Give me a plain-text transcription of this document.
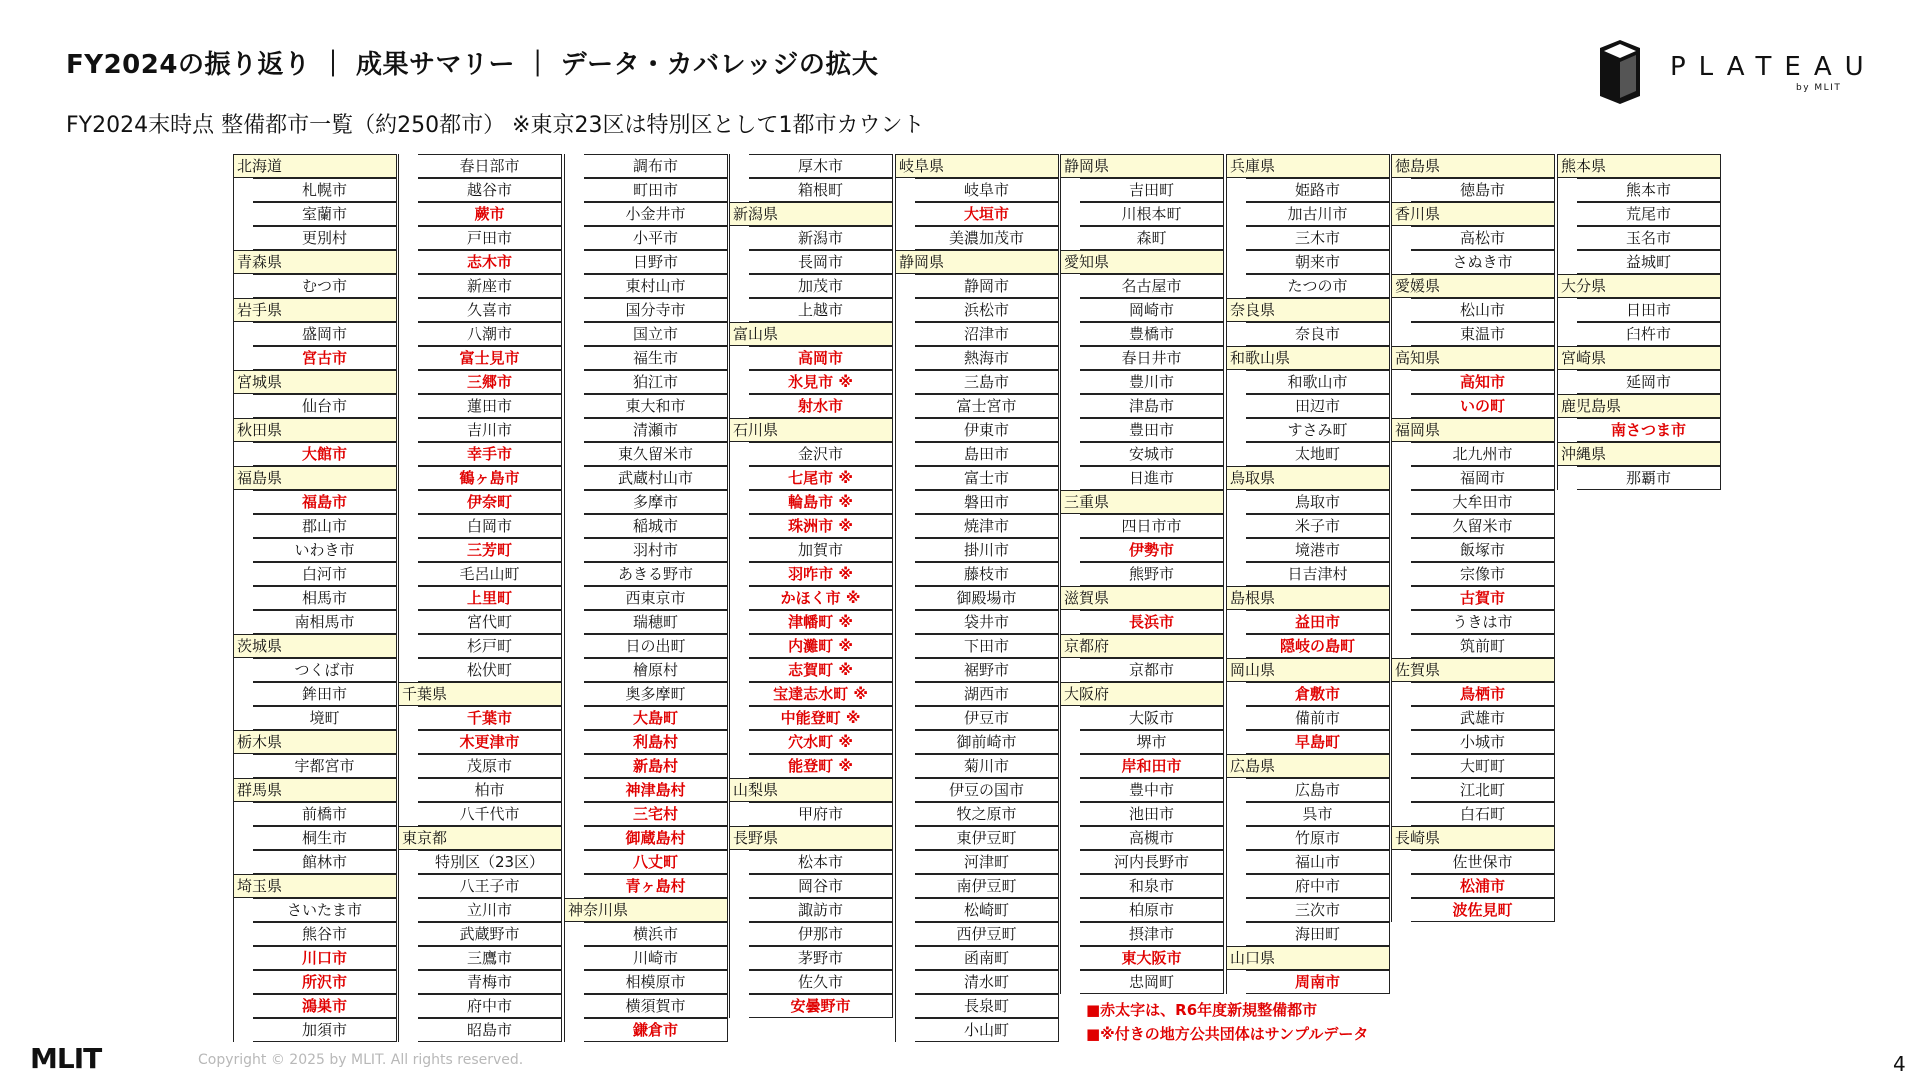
FY2024の振り返り ｜ 成果サマリー ｜ データ・カバレッジの拡大
FY2024末時点 整備都市一覧（約250都市） ※東京23区は特別区として1都市カウント
PLATEAU
by MLIT
北海道
札幌市
室蘭市
更別村
青森県
むつ市
岩手県
盛岡市
宮古市
宮城県
仙台市
秋田県
大館市
福島県
福島市
郡山市
いわき市
白河市
相馬市
南相馬市
茨城県
つくば市
鉾田市
境町
栃木県
宇都宮市
群馬県
前橋市
桐生市
館林市
埼玉県
さいたま市
熊谷市
川口市
所沢市
鴻巣市
加須市
春日部市
越谷市
蕨市
戸田市
志木市
新座市
久喜市
八潮市
富士見市
三郷市
蓮田市
吉川市
幸手市
鶴ヶ島市
伊奈町
白岡市
三芳町
毛呂山町
上里町
宮代町
杉戸町
松伏町
千葉県
千葉市
木更津市
茂原市
柏市
八千代市
東京都
特別区（23区）
八王子市
立川市
武蔵野市
三鷹市
青梅市
府中市
昭島市
調布市
町田市
小金井市
小平市
日野市
東村山市
国分寺市
国立市
福生市
狛江市
東大和市
清瀬市
東久留米市
武蔵村山市
多摩市
稲城市
羽村市
あきる野市
西東京市
瑞穂町
日の出町
檜原村
奥多摩町
大島町
利島村
新島村
神津島村
三宅村
御蔵島村
八丈町
青ヶ島村
神奈川県
横浜市
川崎市
相模原市
横須賀市
鎌倉市
厚木市
箱根町
新潟県
新潟市
長岡市
加茂市
上越市
富山県
高岡市
氷見市 ※
射水市
石川県
金沢市
七尾市 ※
輪島市 ※
珠洲市 ※
加賀市
羽咋市 ※
かほく市 ※
津幡町 ※
内灘町 ※
志賀町 ※
宝達志水町 ※
中能登町 ※
穴水町 ※
能登町 ※
山梨県
甲府市
長野県
松本市
岡谷市
諏訪市
伊那市
茅野市
佐久市
安曇野市
岐阜県
岐阜市
大垣市
美濃加茂市
静岡県
静岡市
浜松市
沼津市
熱海市
三島市
富士宮市
伊東市
島田市
富士市
磐田市
焼津市
掛川市
藤枝市
御殿場市
袋井市
下田市
裾野市
湖西市
伊豆市
御前崎市
菊川市
伊豆の国市
牧之原市
東伊豆町
河津町
南伊豆町
松崎町
西伊豆町
函南町
清水町
長泉町
小山町
静岡県
吉田町
川根本町
森町
愛知県
名古屋市
岡崎市
豊橋市
春日井市
豊川市
津島市
豊田市
安城市
日進市
三重県
四日市市
伊勢市
熊野市
滋賀県
長浜市
京都府
京都市
大阪府
大阪市
堺市
岸和田市
豊中市
池田市
高槻市
河内長野市
和泉市
柏原市
摂津市
東大阪市
忠岡町
兵庫県
姫路市
加古川市
三木市
朝来市
たつの市
奈良県
奈良市
和歌山県
和歌山市
田辺市
すさみ町
太地町
鳥取県
鳥取市
米子市
境港市
日吉津村
島根県
益田市
隠岐の島町
岡山県
倉敷市
備前市
早島町
広島県
広島市
呉市
竹原市
福山市
府中市
三次市
海田町
山口県
周南市
徳島県
徳島市
香川県
高松市
さぬき市
愛媛県
松山市
東温市
高知県
高知市
いの町
福岡県
北九州市
福岡市
大牟田市
久留米市
飯塚市
宗像市
古賀市
うきは市
筑前町
佐賀県
鳥栖市
武雄市
小城市
大町町
江北町
白石町
長崎県
佐世保市
松浦市
波佐見町
熊本県
熊本市
荒尾市
玉名市
益城町
大分県
日田市
臼杵市
宮崎県
延岡市
鹿児島県
南さつま市
沖縄県
那覇市
■赤太字は、R6年度新規整備都市
■※付きの地方公共団体はサンプルデータ
MLIT	Copyright © 2025 by MLIT. All rights reserved.	4
